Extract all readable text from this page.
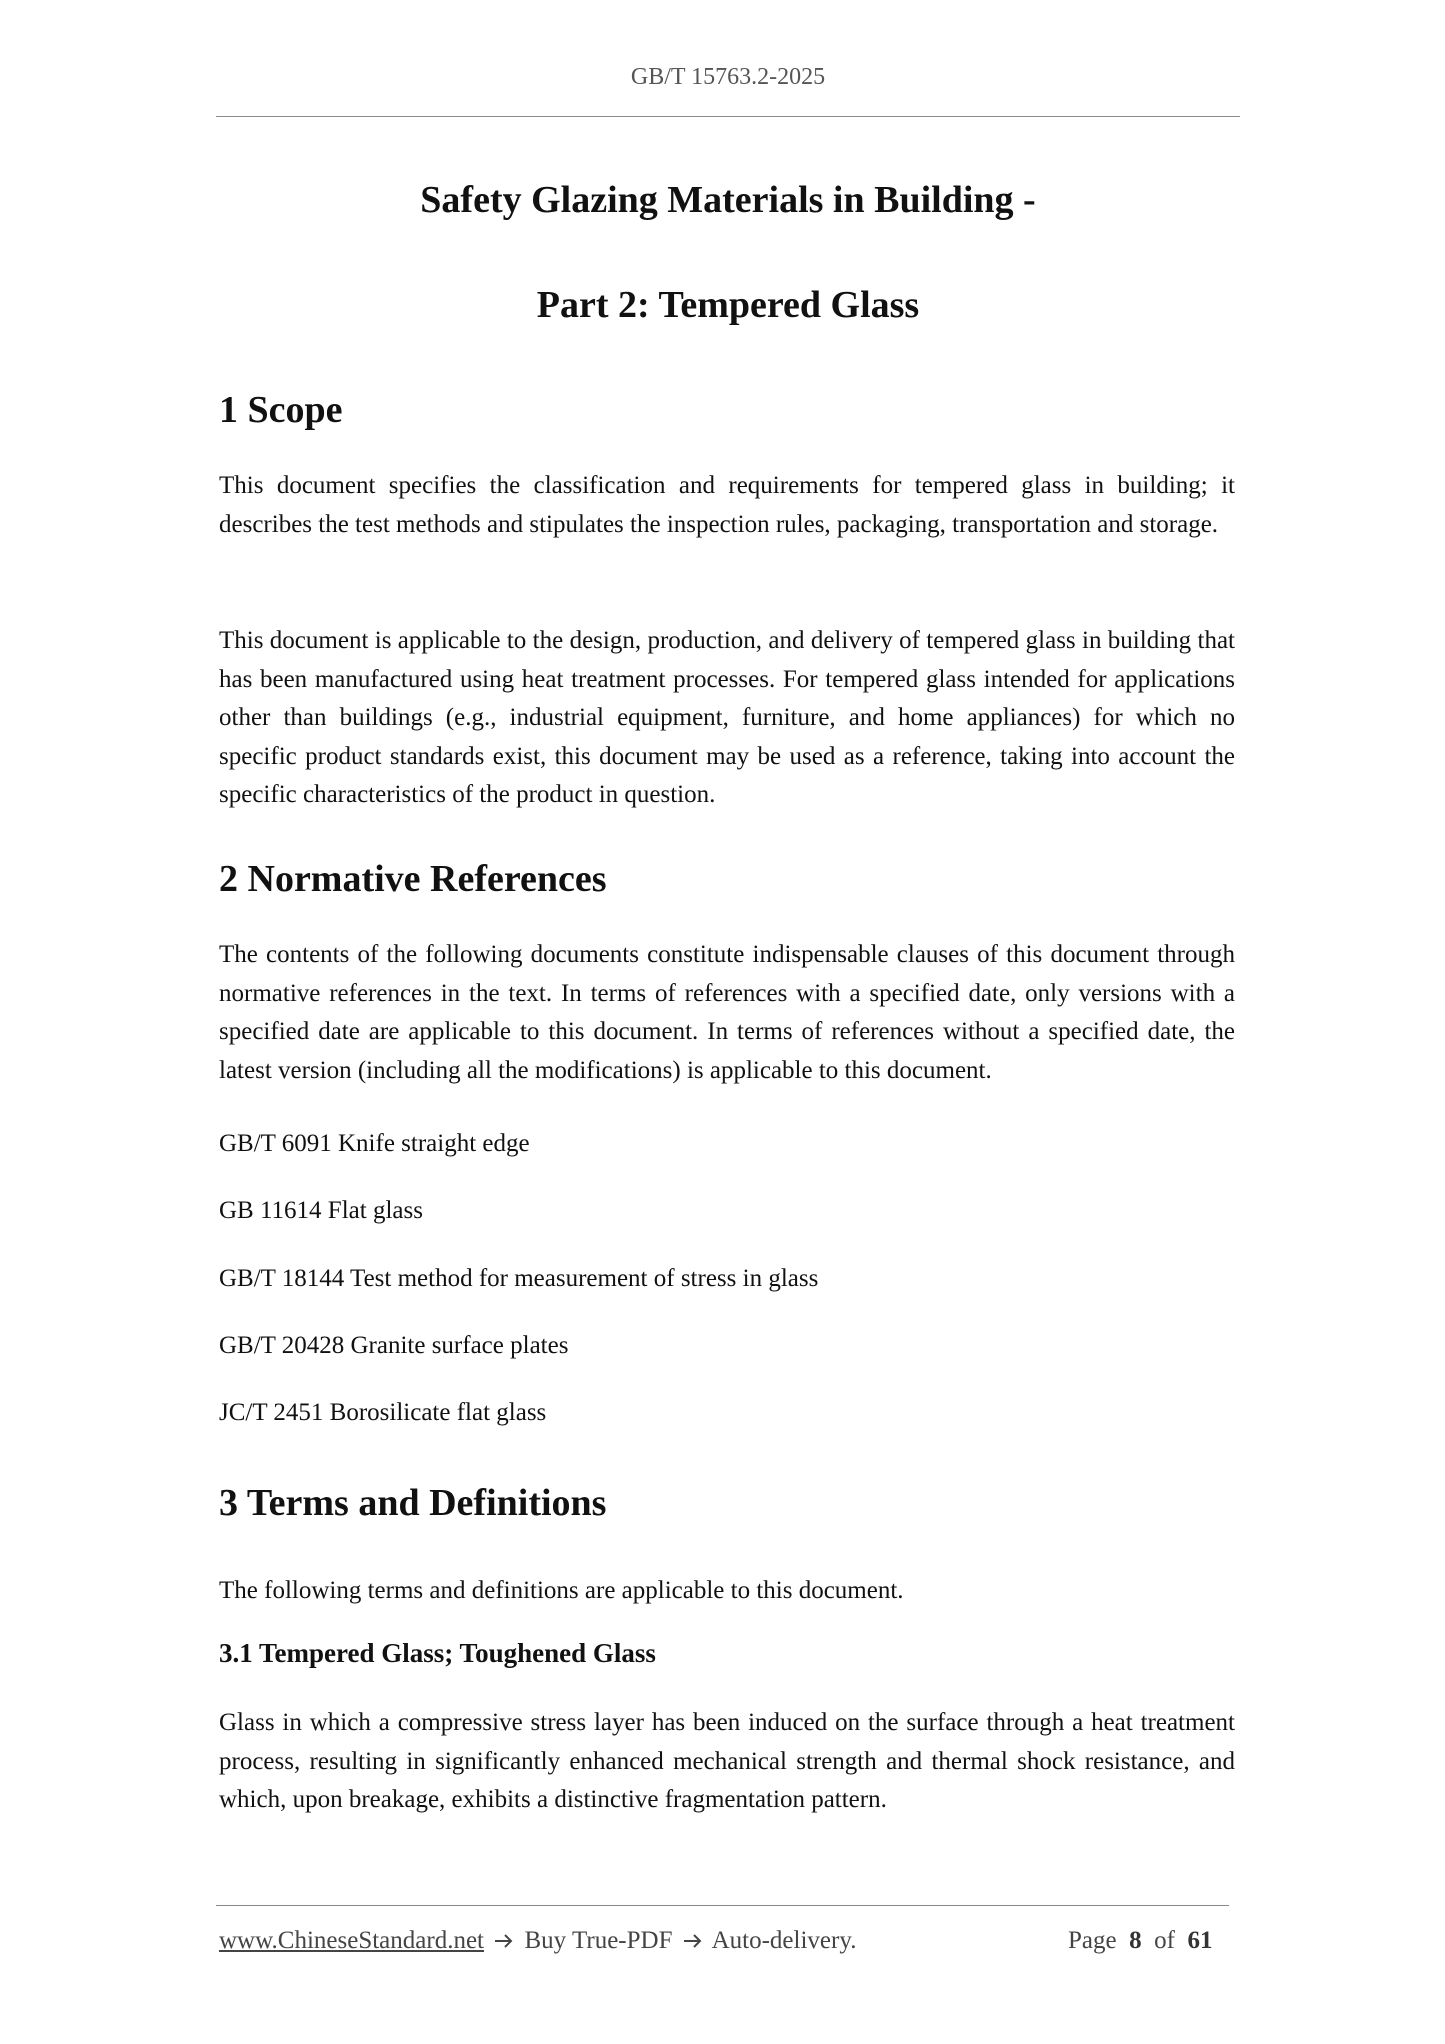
GB/T 15763.2-2025
Safety Glazing Materials in Building -
Part 2: Tempered Glass
1 Scope
This document specifies the classification and requirements for tempered glass in building; it describes the test methods and stipulates the inspection rules, packaging, transportation and storage.
This document is applicable to the design, production, and delivery of tempered glass in building that has been manufactured using heat treatment processes. For tempered glass intended for applications other than buildings (e.g., industrial equipment, furniture, and home appliances) for which no specific product standards exist, this document may be used as a reference, taking into account the specific characteristics of the product in question.
2 Normative References
The contents of the following documents constitute indispensable clauses of this document through normative references in the text. In terms of references with a specified date, only versions with a specified date are applicable to this document. In terms of references without a specified date, the latest version (including all the modifications) is applicable to this document.
GB/T 6091 Knife straight edge
GB 11614 Flat glass
GB/T 18144 Test method for measurement of stress in glass
GB/T 20428 Granite surface plates
JC/T 2451 Borosilicate flat glass
3 Terms and Definitions
The following terms and definitions are applicable to this document.
3.1 Tempered Glass; Toughened Glass
Glass in which a compressive stress layer has been induced on the surface through a heat treatment process, resulting in significantly enhanced mechanical strength and thermal shock resistance, and which, upon breakage, exhibits a distinctive fragmentation pattern.
www.ChineseStandard.net Buy True-PDF Auto-delivery.	Page 8 of 61
